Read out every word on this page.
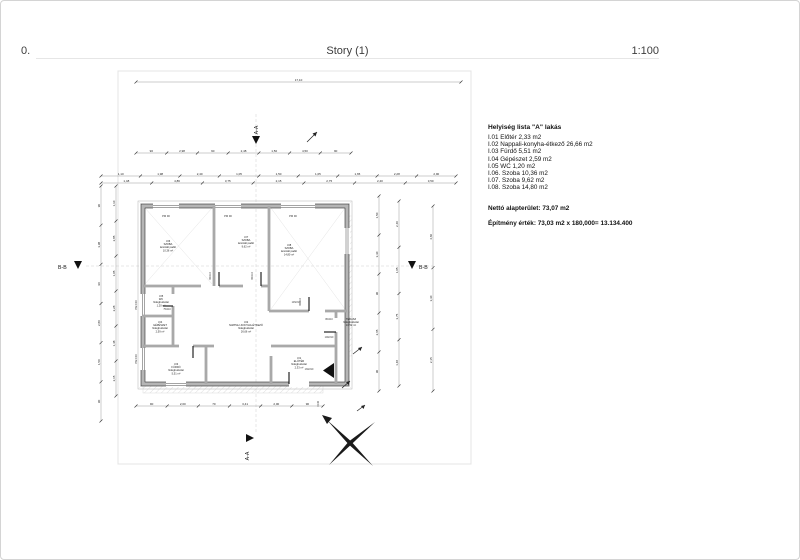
0.	Story (1)	1:100
A-A
A-A
B-B	B-B
PM 90	PM 90	PM 90
PM 150
PM 150
90/210	90/210
90/210
75/210
80/210
100/210
145/210
130/210
±0,00
I.06 SZOBA laminált padló 10,36 m²
I.07 SZOBA laminált padló 9,62 m²	I.08 SZOBA laminált padló 14,80 m²
I.05 WC hidegburkolat 1,20 m²
I.04 GÉPÉSZET hidegburkolat 2,59 m²
I.03 FÜRDŐ hidegburkolat 5,51 m²
I.02 NAPPALI-KONYHA-ÉTKEZŐ hidegburkolat 26,66 m²
I.01 ELŐTÉR hidegburkolat 2,33 m²
TERASZ hidegburkolat 10,52 m²
17,10
90	2,98	90	2,48	1,50	4,50	90
1,10	1,98	2,40	1,05	1,50	1,05	1,65	2,28	2,90
1,48	4,86	3,75	2,15	2,75	2,40	3,50
90
3,98
90
2,80
1,50
90
1,10
2,85
1,05
2,28
1,48
2,15
1,50
3,30
90
2,65
90
2,40
1,05
3,75
1,48
4,60
3,30
2,15
90	2,00	70	3,41	2,00	90
Helyiség lista "A" lakás
I.01 Előtér 2,33 m2
I.02 Nappali-konyha-étkező 26,66 m2
I.03 Fürdő 5,51 m2
I.04 Gépészet 2,59 m2
I.05 WC 1,20 m2
I.06. Szoba 10,36 m2
I.07. Szoba 9,62 m2
I.08. Szoba 14,80 m2
Nettó alapterület: 73,07 m2
Építmény érték: 73,03 m2 x 180,000= 13.134.400
